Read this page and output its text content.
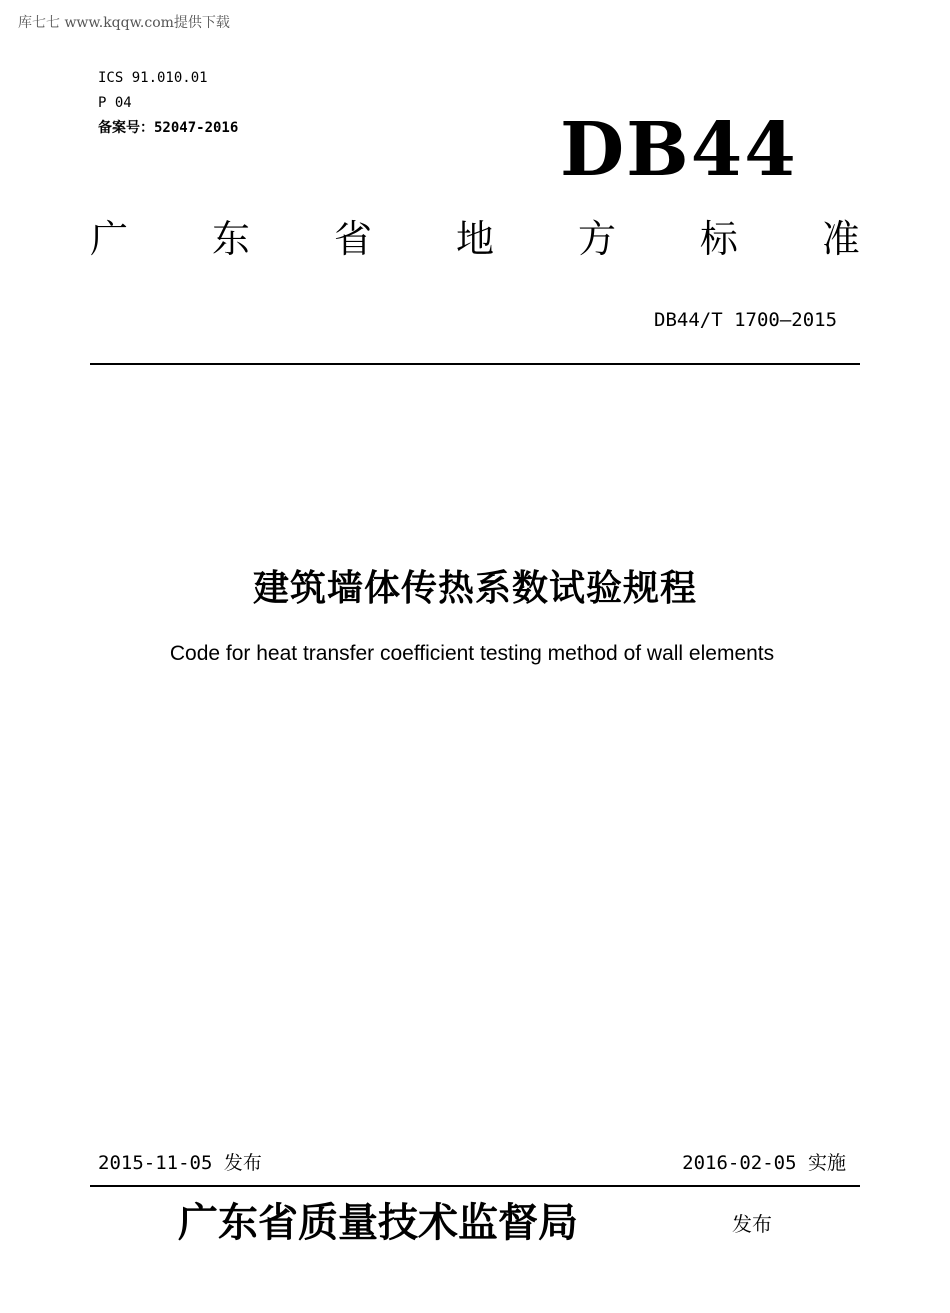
库七七 www.kqqw.com提供下载
ICS 91.010.01
P 04
备案号：52047-2016	DB44
广 东 省 地 方 标 准
DB44/T 1700—2015
建筑墙体传热系数试验规程
Code for heat transfer coefficient testing method of wall elements
2015-11-05 发布	2016-02-05 实施
广东省质量技术监督局	发布
